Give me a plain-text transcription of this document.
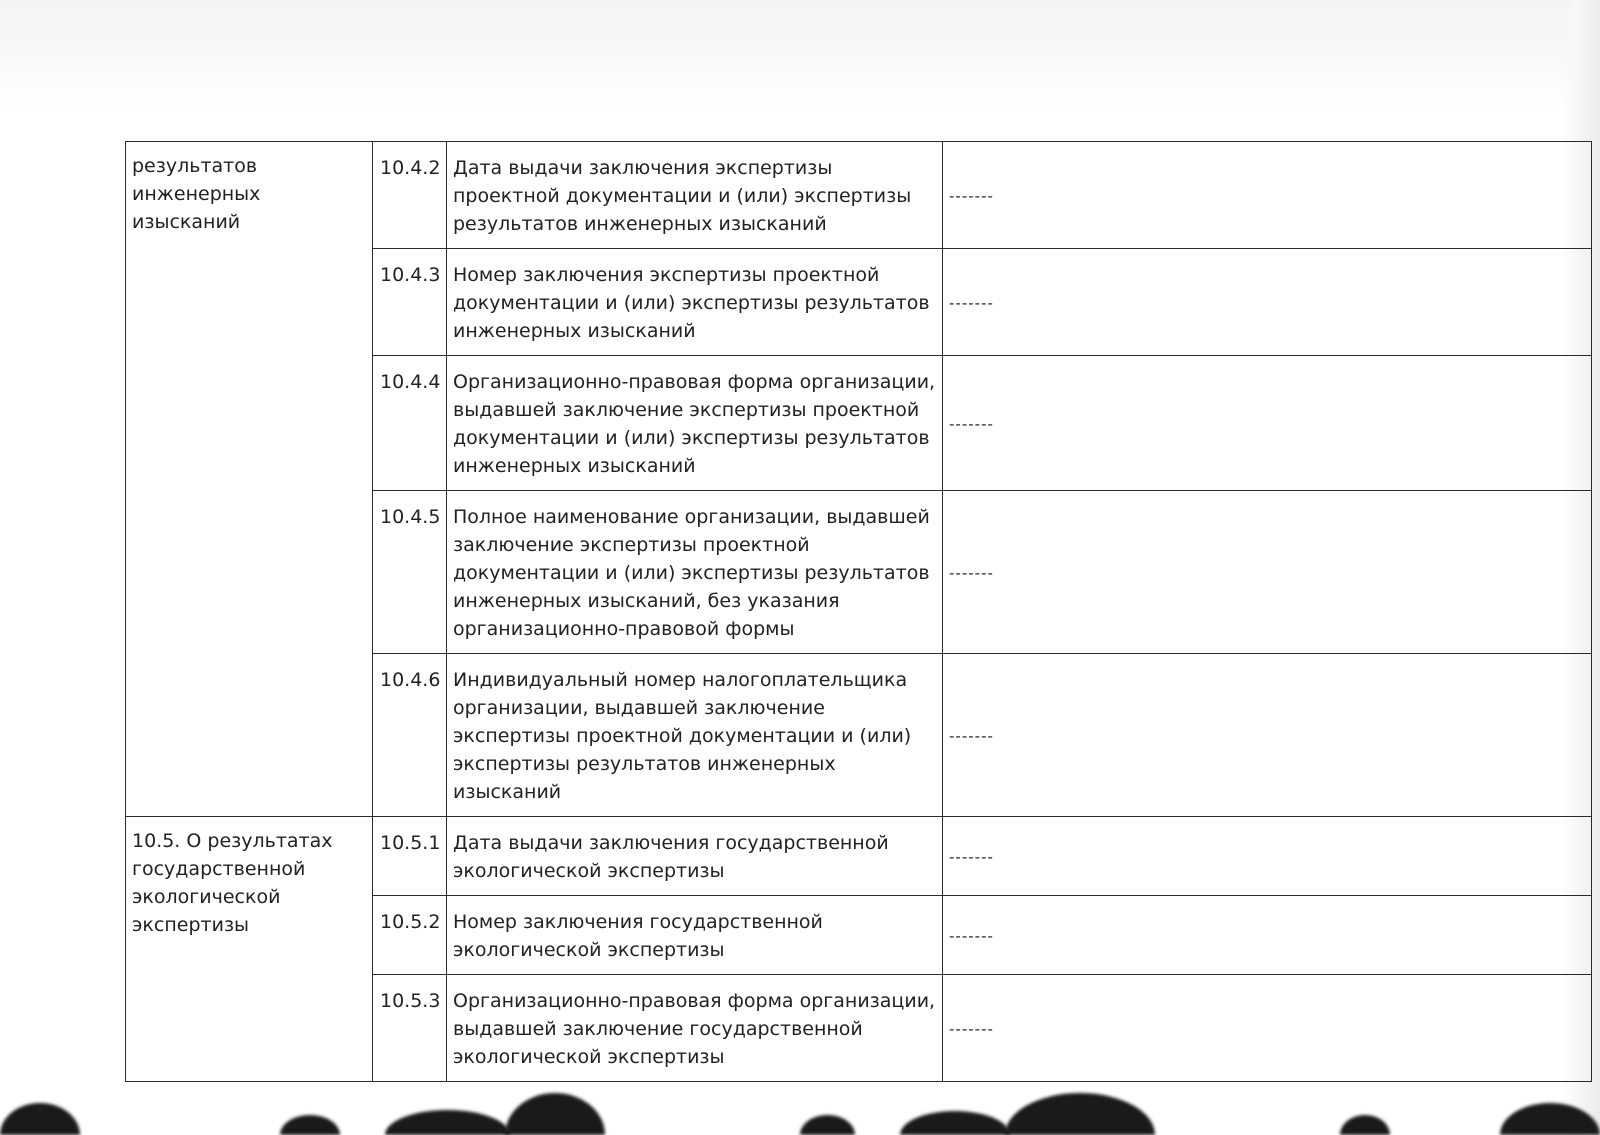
результатов инженерных изысканий	10.4.2	Дата выдачи заключения экспертизы проектной документации и (или) экспертизы результатов инженерных изысканий	-------
	10.4.3	Номер заключения экспертизы проектной документации и (или) экспертизы результатов инженерных изысканий	-------
	10.4.4	Организационно-правовая форма организации, выдавшей заключение экспертизы проектной документации и (или) экспертизы результатов инженерных изысканий	-------
	10.4.5	Полное наименование организации, выдавшей заключение экспертизы проектной документации и (или) экспертизы результатов инженерных изысканий, без указания организационно-правовой формы	-------
	10.4.6	Индивидуальный номер налогоплательщика организации, выдавшей заключение экспертизы проектной документации и (или) экспертизы результатов инженерных изысканий	-------
10.5. О результатах государственной экологической экспертизы	10.5.1	Дата выдачи заключения государственной экологической экспертизы	-------
	10.5.2	Номер заключения государственной экологической экспертизы	-------
	10.5.3	Организационно-правовая форма организации, выдавшей заключение государственной экологической экспертизы	-------
